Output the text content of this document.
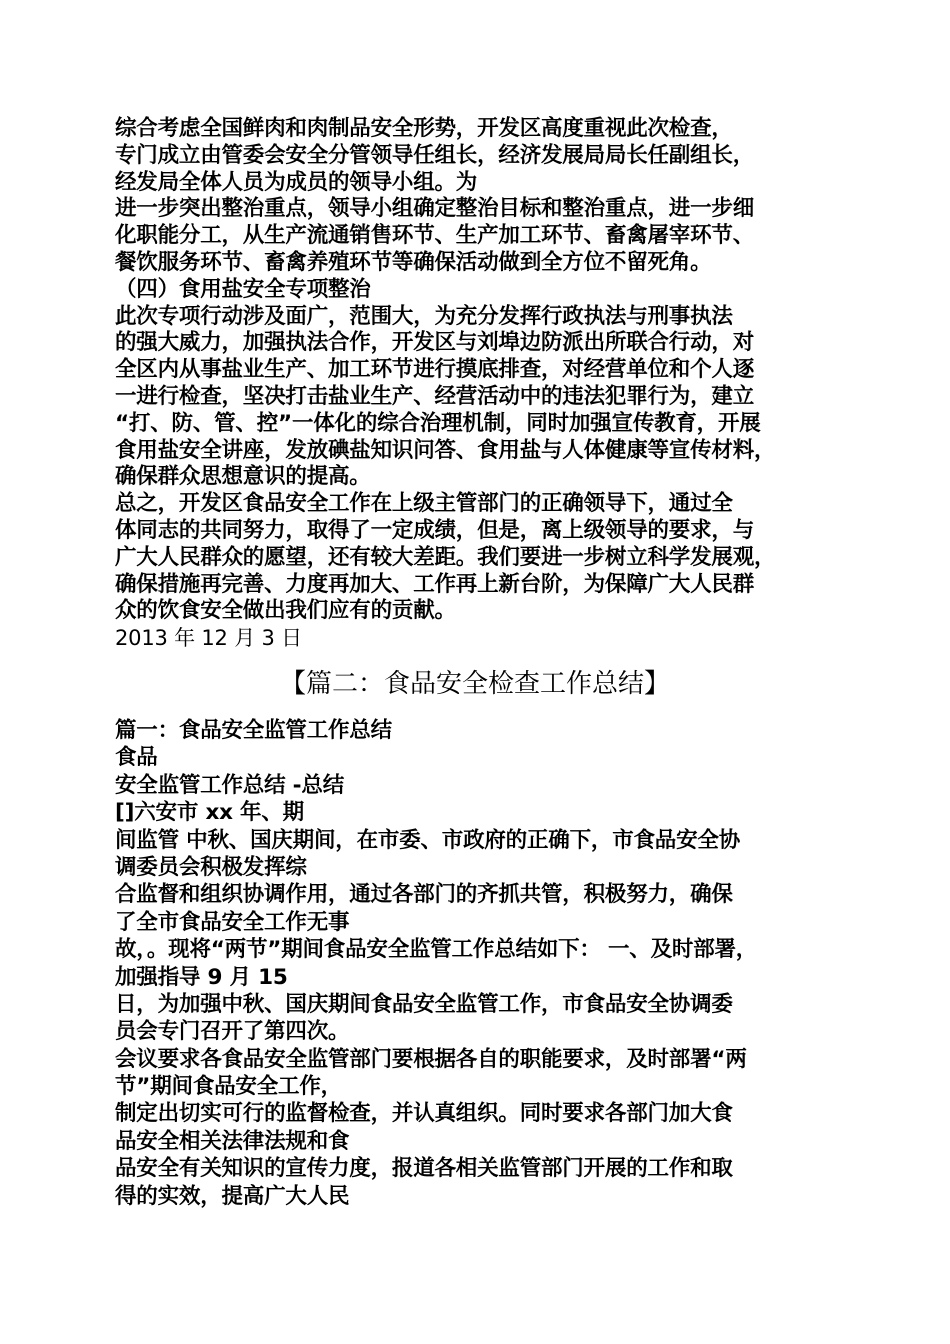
综合考虑全国鲜肉和肉制品安全形势，开发区高度重视此次检查，
专门成立由管委会安全分管领导任组长，经济发展局局长任副组长，
经发局全体人员为成员的领导小组。为
进一步突出整治重点，领导小组确定整治目标和整治重点，进一步细
化职能分工，从生产流通销售环节、生产加工环节、畜禽屠宰环节、
餐饮服务环节、畜禽养殖环节等确保活动做到全方位不留死角。
（四）食用盐安全专项整治
此次专项行动涉及面广，范围大，为充分发挥行政执法与刑事执法
的强大威力，加强执法合作，开发区与刘埠边防派出所联合行动，对
全区内从事盐业生产、加工环节进行摸底排查，对经营单位和个人逐
一进行检查，坚决打击盐业生产、经营活动中的违法犯罪行为，建立
“打、防、管、控”一体化的综合治理机制，同时加强宣传教育，开展
食用盐安全讲座，发放碘盐知识问答、食用盐与人体健康等宣传材料，
确保群众思想意识的提高。
总之，开发区食品安全工作在上级主管部门的正确领导下，通过全
体同志的共同努力，取得了一定成绩，但是，离上级领导的要求，与
广大人民群众的愿望，还有较大差距。我们要进一步树立科学发展观，
确保措施再完善、力度再加大、工作再上新台阶，为保障广大人民群
众的饮食安全做出我们应有的贡献。
2013 年 12 月 3 日
【篇二：食品安全检查工作总结】
篇一：食品安全监管工作总结
食品
安全监管工作总结 -总结
[]六安市 xx 年、期
间监管 中秋、国庆期间，在市委、市政府的正确下，市食品安全协
调委员会积极发挥综
合监督和组织协调作用，通过各部门的齐抓共管，积极努力，确保
了全市食品安全工作无事
故，。现将“两节”期间食品安全监管工作总结如下： 一、及时部署，
加强指导 9 月 15
日，为加强中秋、国庆期间食品安全监管工作，市食品安全协调委
员会专门召开了第四次。
会议要求各食品安全监管部门要根据各自的职能要求，及时部署“两
节”期间食品安全工作，
制定出切实可行的监督检查，并认真组织。同时要求各部门加大食
品安全相关法律法规和食
品安全有关知识的宣传力度，报道各相关监管部门开展的工作和取
得的实效，提高广大人民
